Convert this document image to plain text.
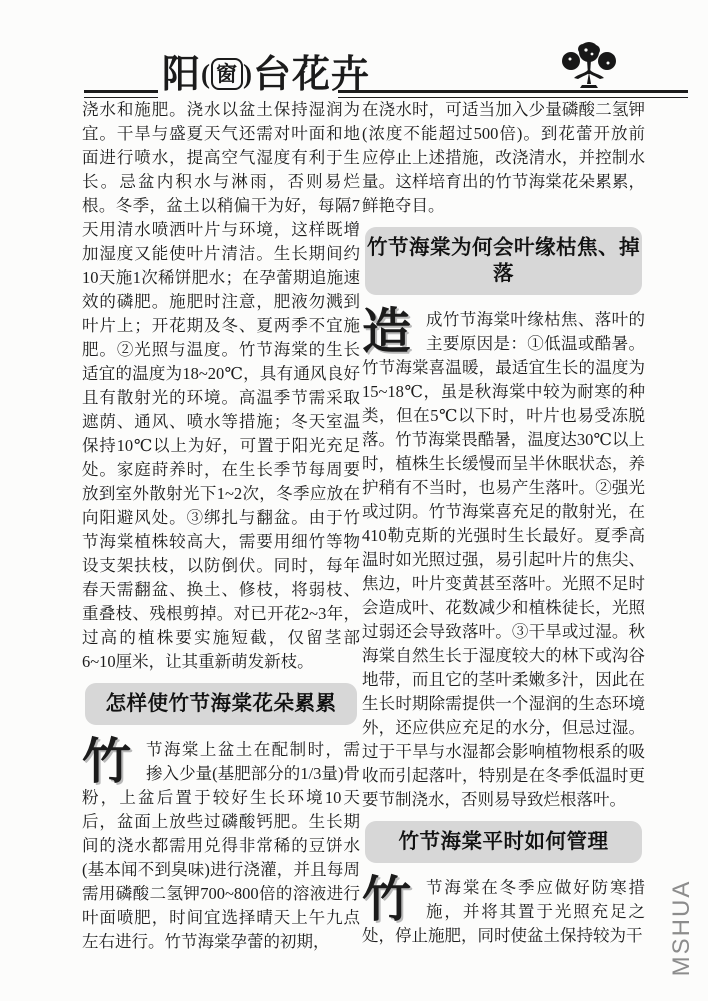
阳( 窗 )台花卉

浇水和施肥。浇水以盆土保持湿润为宜。干旱与盛夏天气还需对叶面和地面进行喷水，提高空气湿度有利于生长。忌盆内积水与淋雨，否则易烂根。冬季，盆土以稍偏干为好，每隔7天用清水喷洒叶片与环境，这样既增加湿度又能使叶片清洁。生长期间约10天施1次稀饼肥水；在孕蕾期追施速效的磷肥。施肥时注意，肥液勿溅到叶片上；开花期及冬、夏两季不宜施肥。②光照与温度。竹节海棠的生长适宜的温度为18~20℃，具有通风良好且有散射光的环境。高温季节需采取遮荫、通风、喷水等措施；冬天室温保持10℃以上为好，可置于阳光充足处。家庭莳养时，在生长季节每周要放到室外散射光下1~2次，冬季应放在向阳避风处。③绑扎与翻盆。由于竹节海棠植株较高大，需要用细竹等物设支架扶枝，以防倒伏。同时，每年春天需翻盆、换土、修枝，将弱枝、重叠枝、残根剪掉。对已开花2~3年，过高的植株要实施短截，仅留茎部6~10厘米，让其重新萌发新枝。

怎样使竹节海棠花朵累累

竹节海棠上盆土在配制时，需掺入少量(基肥部分的1/3量)骨粉，上盆后置于较好生长环境10天后，盆面上放些过磷酸钙肥。生长期间的浇水都需用兑得非常稀的豆饼水(基本闻不到臭味)进行浇灌，并且每周需用磷酸二氢钾700~800倍的溶液进行叶面喷肥，时间宜选择晴天上午九点左右进行。竹节海棠孕蕾的初期，

在浇水时，可适当加入少量磷酸二氢钾(浓度不能超过500倍)。到花蕾开放前应停止上述措施，改浇清水，并控制水量。这样培育出的竹节海棠花朵累累，鲜艳夺目。

竹节海棠为何会叶缘枯焦、掉落

造成竹节海棠叶缘枯焦、落叶的主要原因是：①低温或酷暑。竹节海棠喜温暖，最适宜生长的温度为15~18℃，虽是秋海棠中较为耐寒的种类，但在5℃以下时，叶片也易受冻脱落。竹节海棠畏酷暑，温度达30℃以上时，植株生长缓慢而呈半休眠状态，养护稍有不当时，也易产生落叶。②强光或过阴。竹节海棠喜充足的散射光，在410勒克斯的光强时生长最好。夏季高温时如光照过强，易引起叶片的焦尖、焦边，叶片变黄甚至落叶。光照不足时会造成叶、花数减少和植株徒长，光照过弱还会导致落叶。③干旱或过湿。秋海棠自然生长于湿度较大的林下或沟谷地带，而且它的茎叶柔嫩多汁，因此在生长时期除需提供一个湿润的生态环境外，还应供应充足的水分，但忌过湿。过于干旱与水湿都会影响植物根系的吸收而引起落叶，特别是在冬季低温时更要节制浇水，否则易导致烂根落叶。

竹节海棠平时如何管理

竹节海棠在冬季应做好防寒措施，并将其置于光照充足之处，停止施肥，同时使盆土保持较为干 MSHUA
